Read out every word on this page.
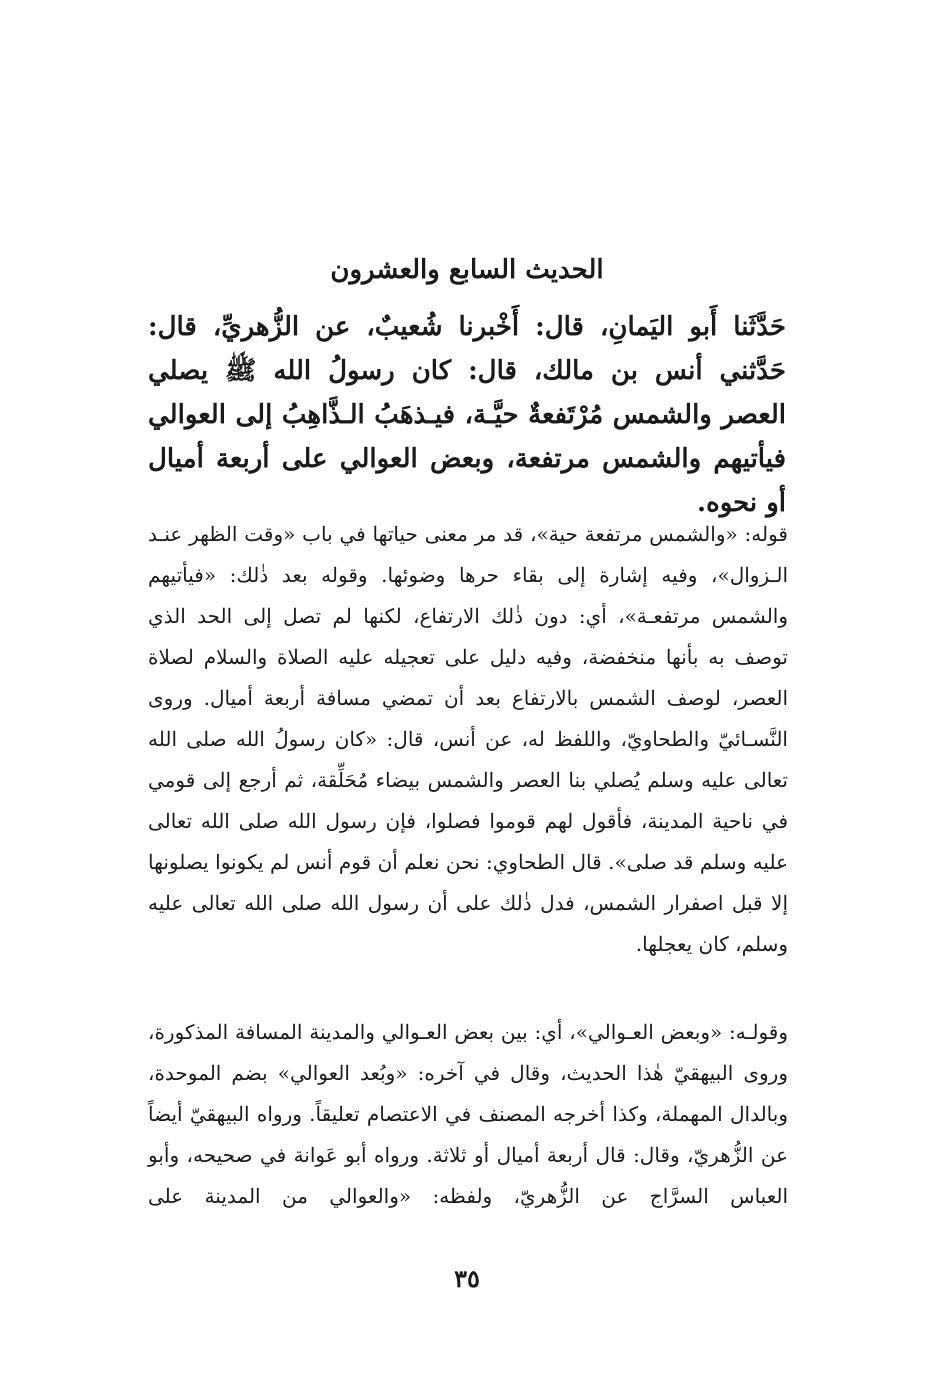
الحديث السابع والعشرون

حَدَّثَنا أَبو اليَمانِ، قال: أَخْبرنا شُعيبٌ، عن الزُّهريِّ، قال: حَدَّثني أنس بن مالك، قال: كان رسولُ الله ﷺ يصلي العصر والشمس مُرْتَفعةٌ حيَّـة، فيـذهَبُ الـذَّاهِبُ إلى العوالي فيأتيهم والشمس مرتفعة، وبعض العوالي على أربعة أميال أو نحوه.

قوله: «والشمس مرتفعة حية»، قد مر معنى حياتها في باب «وقت الظهر عنـد الـزوال»، وفيه إشارة إلى بقاء حرها وضوئها. وقوله بعد ذٰلك: «فيأتيهم والشمس مرتفعـة»، أي: دون ذٰلك الارتفاع، لكنها لم تصل إلى الحد الذي توصف به بأنها منخفضة، وفيه دليل على تعجيله عليه الصلاة والسلام لصلاة العصر، لوصف الشمس بالارتفاع بعد أن تمضي مسافة أربعة أميال. وروى النَّسـائيّ والطحاويّ، واللفظ له، عن أنس، قال: «كان رسولُ الله صلى الله تعالى عليه وسلم يُصلي بنا العصر والشمس بيضاء مُحَلِّقة، ثم أرجع إلى قومي في ناحية المدينة، فأقول لهم قوموا فصلوا، فإن رسول الله صلى الله تعالى عليه وسلم قد صلى». قال الطحاوي: نحن نعلم أن قوم أنس لم يكونوا يصلونها إلا قبل اصفرار الشمس، فدل ذٰلك على أن رسول الله صلى الله تعالى عليه وسلم، كان يعجلها.

وقولـه: «وبعض العـوالي»، أي: بين بعض العـوالي والمدينة المسافة المذكورة، وروى البيهقيّ هٰذا الحديث، وقال في آخره: «وبُعد العوالي» بضم الموحدة، وبالدال المهملة، وكذا أخرجه المصنف في الاعتصام تعليقاً. ورواه البيهقيّ أيضاً عن الزُّهريّ، وقال: قال أربعة أميال أو ثلاثة. ورواه أبو عَوانة في صحيحه، وأبو العباس السرَّاج عن الزُّهريّ، ولفظه: «والعوالي من المدينة على

٣٥
